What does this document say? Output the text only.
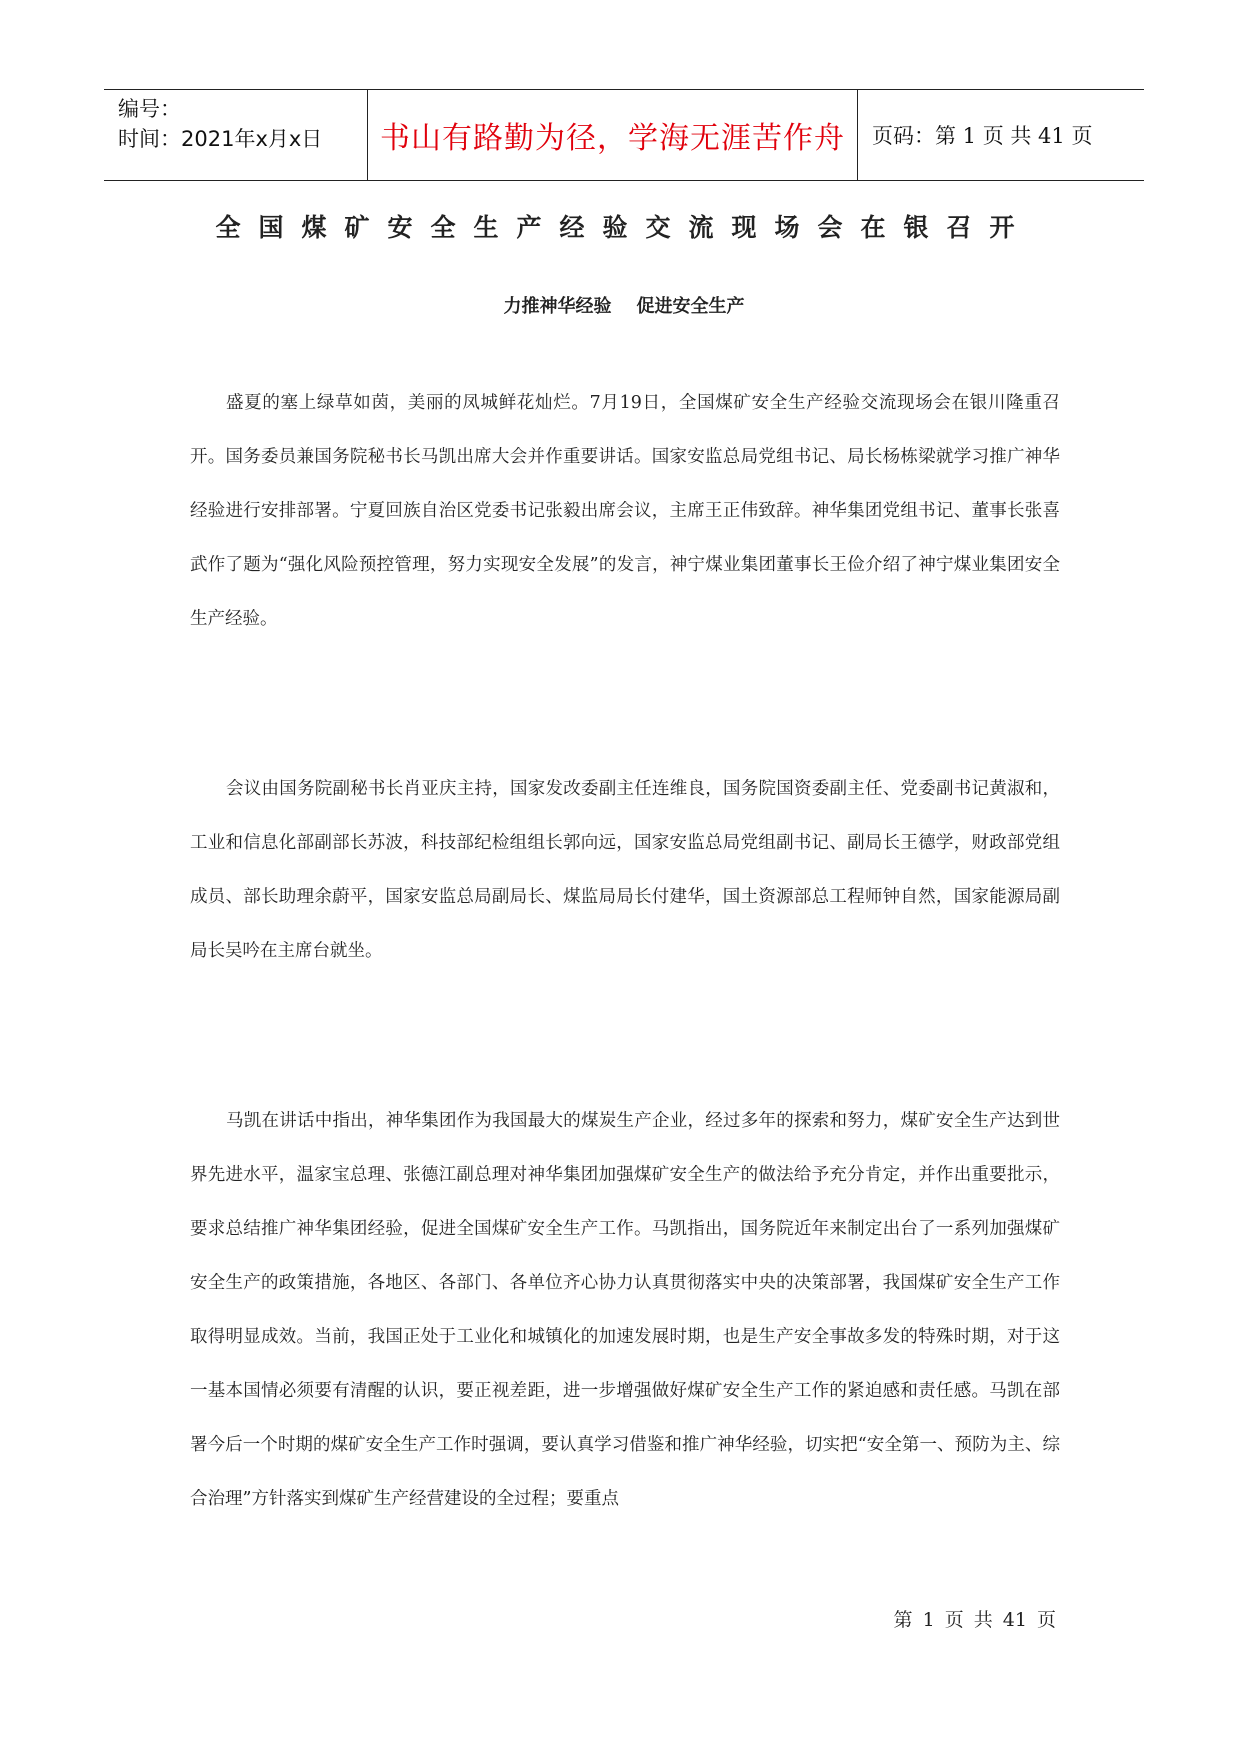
编号：
时间：2021年x月x日	书山有路勤为径，学海无涯苦作舟 页码：第 1 页 共 41 页
全国煤矿安全生产经验交流现场会在银召开
力推神华经验    促进安全生产

盛夏的塞上绿草如茵，美丽的凤城鲜花灿烂。7月19日，全国煤矿安全生产经验交流现场会在银川隆重召开。国务委员兼国务院秘书长马凯出席大会并作重要讲话。国家安监总局党组书记、局长杨栋梁就学习推广神华经验进行安排部署。宁夏回族自治区党委书记张毅出席会议，主席王正伟致辞。神华集团党组书记、董事长张喜武作了题为“强化风险预控管理，努力实现安全发展”的发言，神宁煤业集团董事长王俭介绍了神宁煤业集团安全生产经验。

会议由国务院副秘书长肖亚庆主持，国家发改委副主任连维良，国务院国资委副主任、党委副书记黄淑和，工业和信息化部副部长苏波，科技部纪检组组长郭向远，国家安监总局党组副书记、副局长王德学，财政部党组成员、部长助理余蔚平，国家安监总局副局长、煤监局局长付建华，国土资源部总工程师钟自然，国家能源局副局长吴吟在主席台就坐。

马凯在讲话中指出，神华集团作为我国最大的煤炭生产企业，经过多年的探索和努力，煤矿安全生产达到世界先进水平，温家宝总理、张德江副总理对神华集团加强煤矿安全生产的做法给予充分肯定，并作出重要批示，要求总结推广神华集团经验，促进全国煤矿安全生产工作。马凯指出，国务院近年来制定出台了一系列加强煤矿安全生产的政策措施，各地区、各部门、各单位齐心协力认真贯彻落实中央的决策部署，我国煤矿安全生产工作取得明显成效。当前，我国正处于工业化和城镇化的加速发展时期，也是生产安全事故多发的特殊时期，对于这一基本国情必须要有清醒的认识，要正视差距，进一步增强做好煤矿安全生产工作的紧迫感和责任感。马凯在部署今后一个时期的煤矿安全生产工作时强调，要认真学习借鉴和推广神华经验，切实把“安全第一、预防为主、综合治理”方针落实到煤矿生产经营建设的全过程；要重点

第 1 页 共 41 页
